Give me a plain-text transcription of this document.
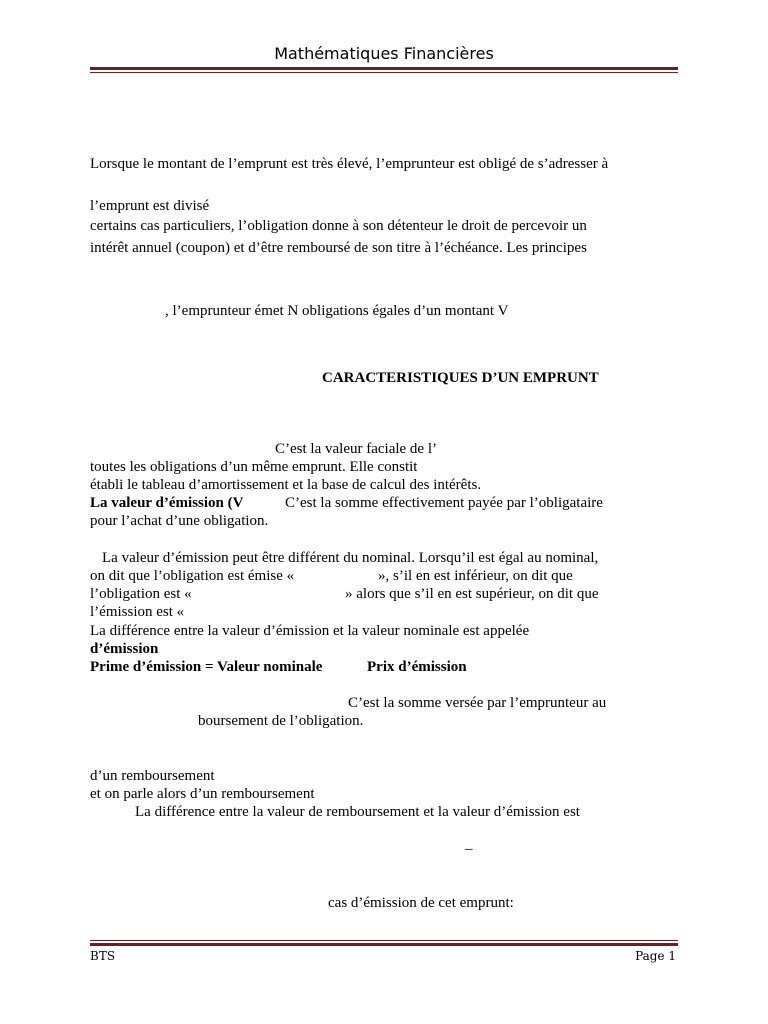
Mathématiques Financières
Lorsque le montant de l’emprunt est très élevé, l’emprunteur est obligé de s’adresser à
l’emprunt est divisé
certains cas particuliers, l’obligation donne à son détenteur le droit de percevoir un
intérêt annuel (coupon) et d’être remboursé de son titre à l’échéance. Les principes
, l’emprunteur émet N obligations égales d’un montant V
CARACTERISTIQUES D’UN EMPRUNT
C’est la valeur faciale de l’
toutes les obligations d’un même emprunt. Elle constit
établi le tableau d’amortissement et la base de calcul des intérêts.
La valeur d’émission (V	C’est la somme effectivement payée par l’obligataire
pour l’achat d’une obligation.
La valeur d’émission peut être différent du nominal. Lorsqu’il est égal au nominal,
on dit que l’obligation est émise «	», s’il en est inférieur, on dit que
l’obligation est «	» alors que s’il en est supérieur, on dit que
l’émission est «
La différence entre la valeur d’émission et la valeur nominale est appelée
d’émission
Prime d’émission = Valeur nominale	Prix d’émission
C’est la somme versée par l’emprunteur au
boursement de l’obligation.
d’un remboursement
et on parle alors d’un remboursement
La différence entre la valeur de remboursement et la valeur d’émission est
–
cas d’émission de cet emprunt:
BTS	Page 1
